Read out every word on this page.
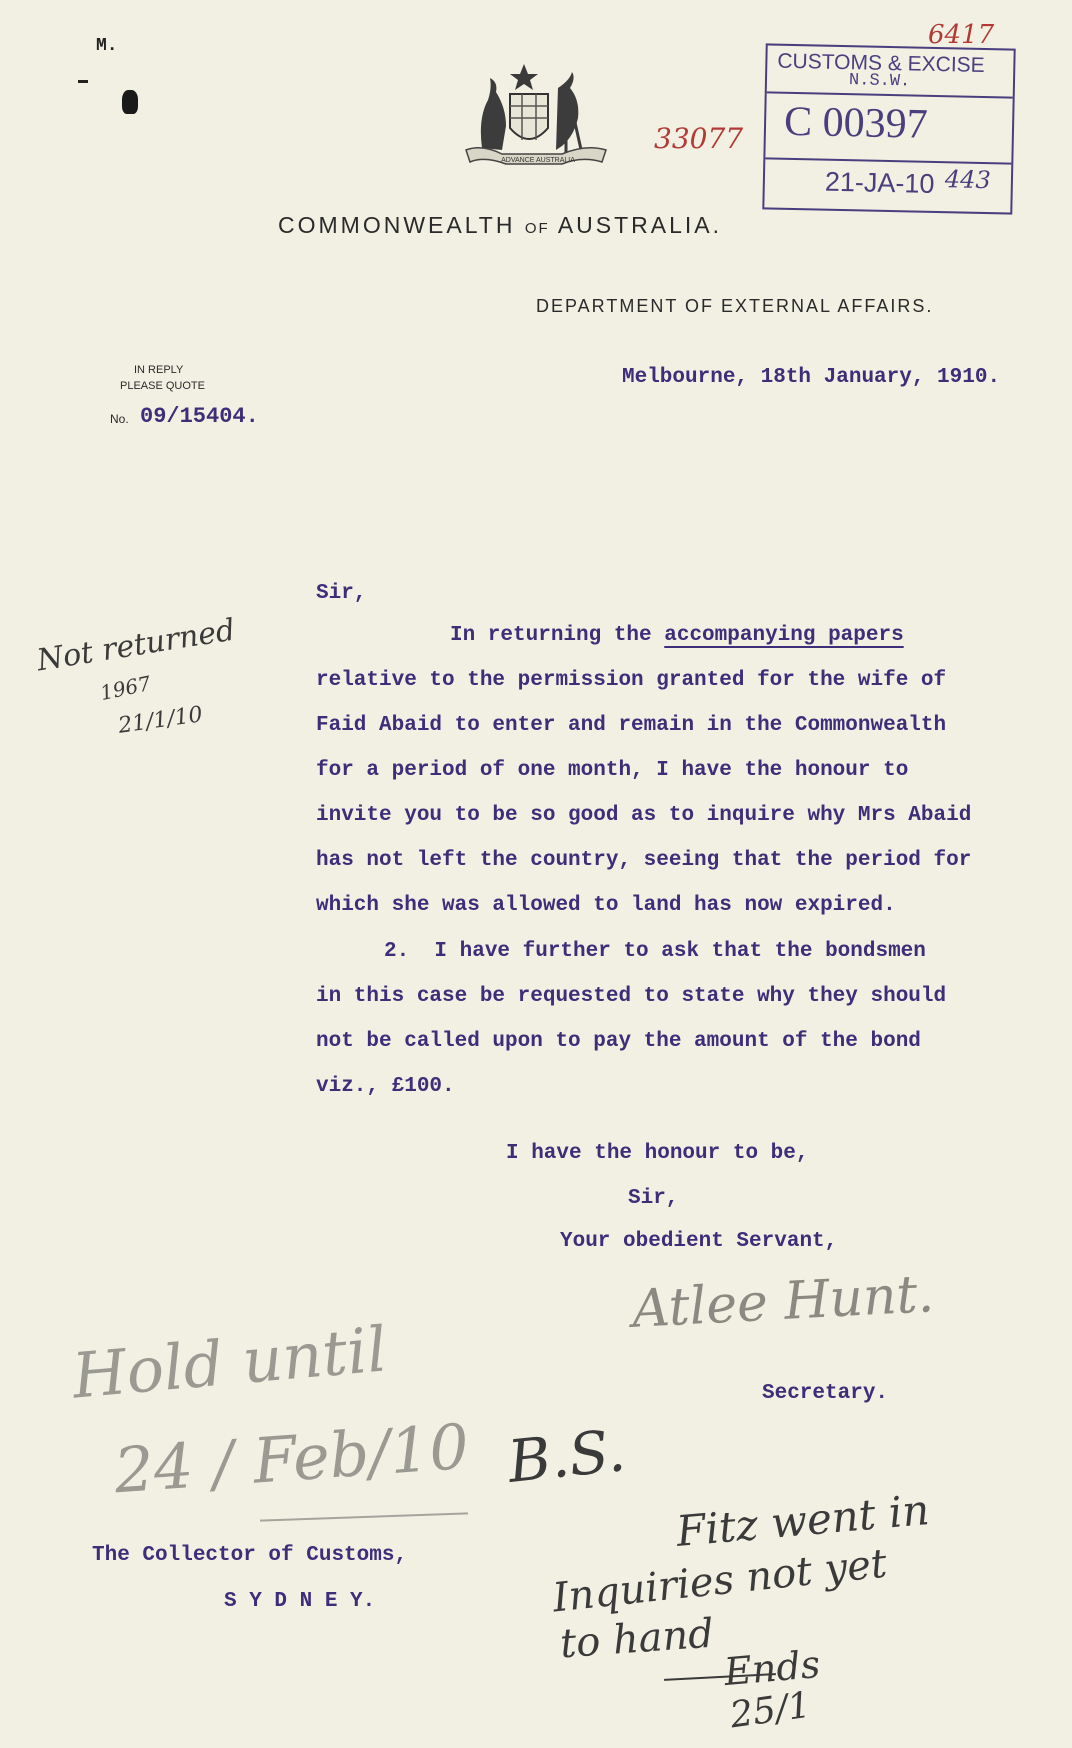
M.
ADVANCE AUSTRALIA
6417
33077
CUSTOMS & EXCISE
N.S.W.
C 00397
21-JA-10 443
COMMONWEALTH OF AUSTRALIA.
DEPARTMENT OF EXTERNAL AFFAIRS.
IN REPLY
PLEASE QUOTE
No. 09/15404.
Melbourne, 18th January, 1910.
Sir,
In returning the accompanying papers
relative to the permission granted for the wife of
Faid Abaid to enter and remain in the Commonwealth
for a period of one month, I have the honour to
invite you to be so good as to inquire why Mrs Abaid
has not left the country, seeing that the period for
which she was allowed to land has now expired.
2.  I have further to ask that the bondsmen
in this case be requested to state why they should
not be called upon to pay the amount of the bond
viz., £100.
I have the honour to be,
Sir,
Your obedient Servant,
Atlee Hunt.
Secretary.
The Collector of Customs,
S Y D N E Y.
Not returned
1967
21/1/10
Hold until
24 / Feb/10 B.S.
Fitz went in
Inquiries not yet
to hand
Ends
25/1
